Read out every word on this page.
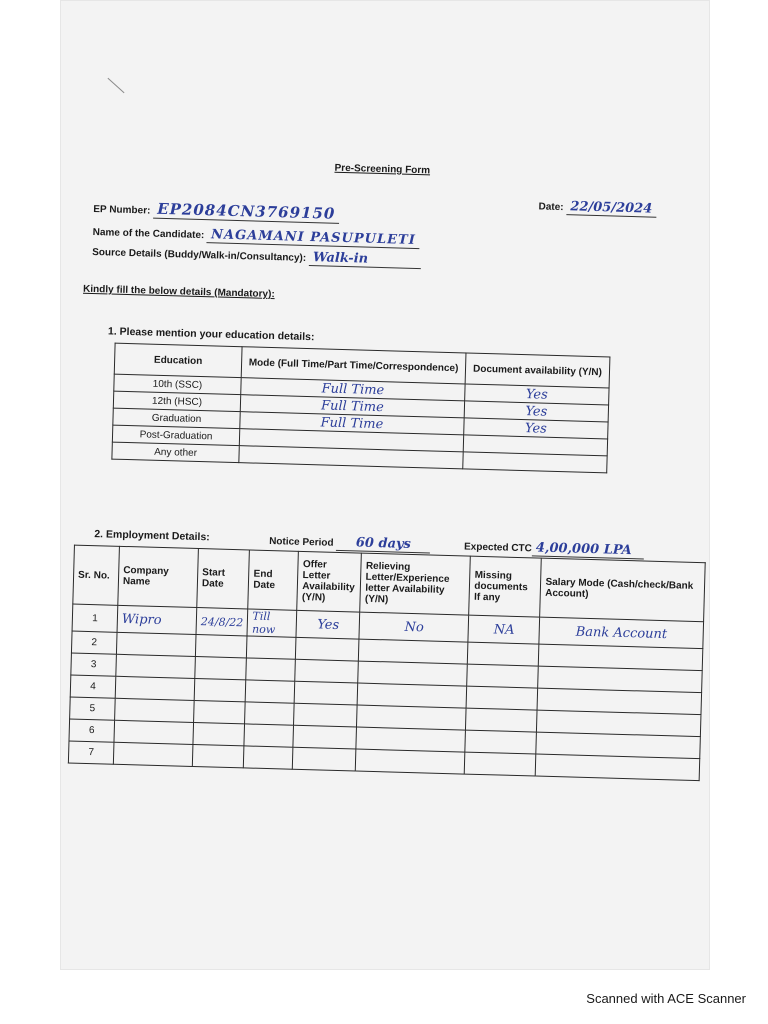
Pre-Screening Form
Date: 22/05/2024
EP Number: EP2084CN3769150
Name of the Candidate: NAGAMANI PASUPULETI
Source Details (Buddy/Walk-in/Consultancy): Walk-in
Kindly fill the below details (Mandatory):
1. Please mention your education details:
Education	Mode (Full Time/Part Time/Correspondence)	Document availability (Y/N)
10th (SSC)	Full Time	Yes
12th (HSC)	Full Time	Yes
Graduation	Full Time	Yes
Post-Graduation		
Any other		
2. Employment Details:	Notice Period 60 days	Expected CTC 4,00,000 LPA
Sr. No.	Company Name	Start Date	End Date	Offer Letter Availability (Y/N)	Relieving Letter/Experience letter Availability (Y/N)	Missing documents If any	Salary Mode (Cash/check/Bank Account)
1	Wipro	24/8/22	Till now	Yes	No	NA	Bank Account
2							
3							
4							
5							
6							
7							
Scanned with ACE Scanner
